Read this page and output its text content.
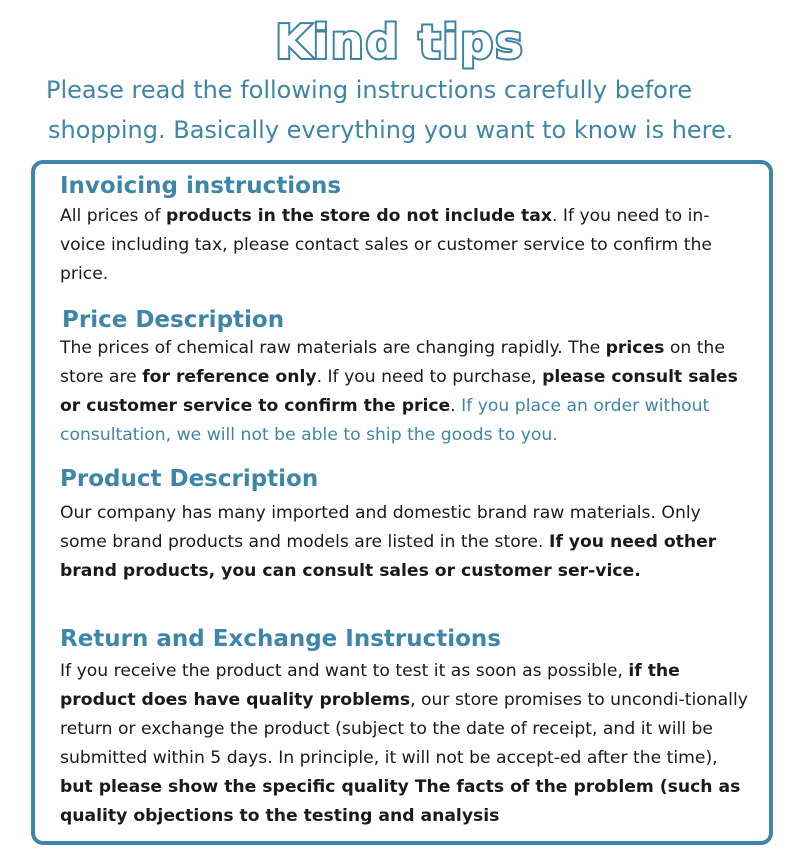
Kind tips
Please read the following instructions carefully before
shopping. Basically everything you want to know is here.
Invoicing instructions

All prices of products in the store do not include tax. If you need to in-voice including tax, please contact sales or customer service to confirm the price.

Price Description

The prices of chemical raw materials are changing rapidly. The prices on the store are for reference only. If you need to purchase, please consult sales or customer service to confirm the price. If you place an order without consultation, we will not be able to ship the goods to you.

Product Description

Our company has many imported and domestic brand raw materials. Only some brand products and models are listed in the store. If you need other brand products, you can consult sales or customer ser-vice.

Return and Exchange Instructions

If you receive the product and want to test it as soon as possible, if the product does have quality problems, our store promises to uncondi-tionally return or exchange the product (subject to the date of receipt, and it will be submitted within 5 days. In principle, it will not be accept-ed after the time), but please show the specific quality The facts of the problem (such as quality objections to the testing and analysis
